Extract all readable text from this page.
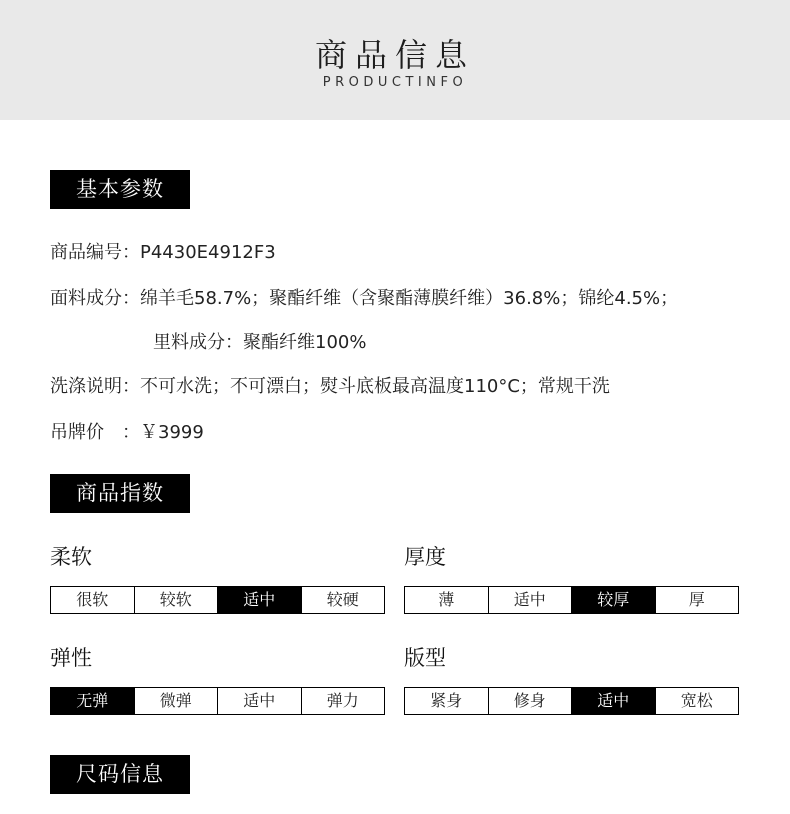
商品信息
PRODUCTINFO
基本参数
商品编号：P4430E4912F3
面料成分：绵羊毛58.7%；聚酯纤维（含聚酯薄膜纤维）36.8%；锦纶4.5%；
里料成分：聚酯纤维100%
洗涤说明：不可水洗；不可漂白；熨斗底板最高温度110°C；常规干洗
吊牌价　：￥3999
商品指数
柔软
很软	较软	适中	较硬
厚度
薄	适中	较厚	厚
弹性
无弹	微弹	适中	弹力
版型
紧身	修身	适中	宽松
尺码信息
